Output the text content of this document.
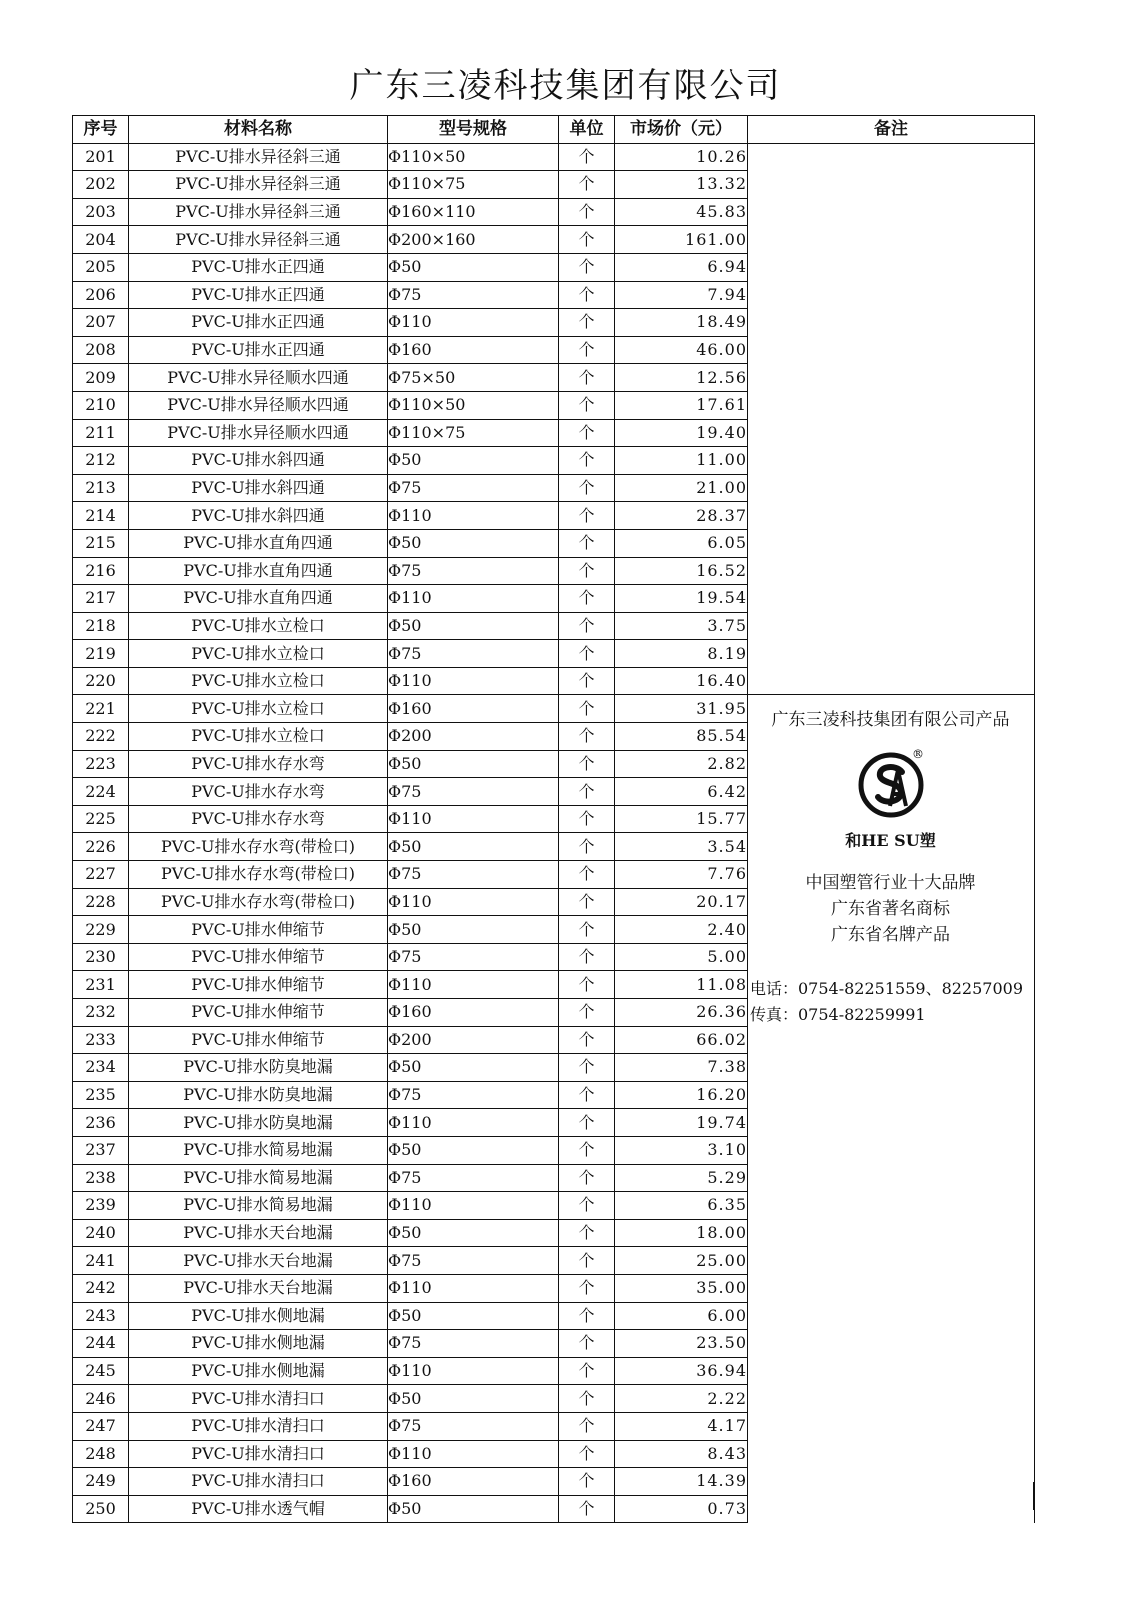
广东三凌科技集团有限公司
序号	材料名称	型号规格	单位	市场价（元）	备注
201	PVC-U排水异径斜三通	Φ110×50	个	10.26	
202	PVC-U排水异径斜三通	Φ110×75	个	13.32	
203	PVC-U排水异径斜三通	Φ160×110	个	45.83	
204	PVC-U排水异径斜三通	Φ200×160	个	161.00	
205	PVC-U排水正四通	Φ50	个	6.94	
206	PVC-U排水正四通	Φ75	个	7.94	
207	PVC-U排水正四通	Φ110	个	18.49	
208	PVC-U排水正四通	Φ160	个	46.00	
209	PVC-U排水异径顺水四通	Φ75×50	个	12.56	
210	PVC-U排水异径顺水四通	Φ110×50	个	17.61	
211	PVC-U排水异径顺水四通	Φ110×75	个	19.40	
212	PVC-U排水斜四通	Φ50	个	11.00	
213	PVC-U排水斜四通	Φ75	个	21.00	
214	PVC-U排水斜四通	Φ110	个	28.37	
215	PVC-U排水直角四通	Φ50	个	6.05	
216	PVC-U排水直角四通	Φ75	个	16.52	
217	PVC-U排水直角四通	Φ110	个	19.54	
218	PVC-U排水立检口	Φ50	个	3.75	
219	PVC-U排水立检口	Φ75	个	8.19	
220	PVC-U排水立检口	Φ110	个	16.40	
221	PVC-U排水立检口	Φ160	个	31.95	
222	PVC-U排水立检口	Φ200	个	85.54	
223	PVC-U排水存水弯	Φ50	个	2.82	
224	PVC-U排水存水弯	Φ75	个	6.42	
225	PVC-U排水存水弯	Φ110	个	15.77	
226	PVC-U排水存水弯(带检口)	Φ50	个	3.54	
227	PVC-U排水存水弯(带检口)	Φ75	个	7.76	
228	PVC-U排水存水弯(带检口)	Φ110	个	20.17	
229	PVC-U排水伸缩节	Φ50	个	2.40	
230	PVC-U排水伸缩节	Φ75	个	5.00	
231	PVC-U排水伸缩节	Φ110	个	11.08	
232	PVC-U排水伸缩节	Φ160	个	26.36	
233	PVC-U排水伸缩节	Φ200	个	66.02	
234	PVC-U排水防臭地漏	Φ50	个	7.38	
235	PVC-U排水防臭地漏	Φ75	个	16.20	
236	PVC-U排水防臭地漏	Φ110	个	19.74	
237	PVC-U排水简易地漏	Φ50	个	3.10	
238	PVC-U排水简易地漏	Φ75	个	5.29	
239	PVC-U排水简易地漏	Φ110	个	6.35	
240	PVC-U排水天台地漏	Φ50	个	18.00	
241	PVC-U排水天台地漏	Φ75	个	25.00	
242	PVC-U排水天台地漏	Φ110	个	35.00	
243	PVC-U排水侧地漏	Φ50	个	6.00	
244	PVC-U排水侧地漏	Φ75	个	23.50	
245	PVC-U排水侧地漏	Φ110	个	36.94	
246	PVC-U排水清扫口	Φ50	个	2.22	
247	PVC-U排水清扫口	Φ75	个	4.17	
248	PVC-U排水清扫口	Φ110	个	8.43	
249	PVC-U排水清扫口	Φ160	个	14.39	
250	PVC-U排水透气帽	Φ50	个	0.73	
广东三凌科技集团有限公司产品
®
和HE SU塑
中国塑管行业十大品牌
广东省著名商标
广东省名牌产品
电话：0754-82251559、82257009
传真：0754-82259991
